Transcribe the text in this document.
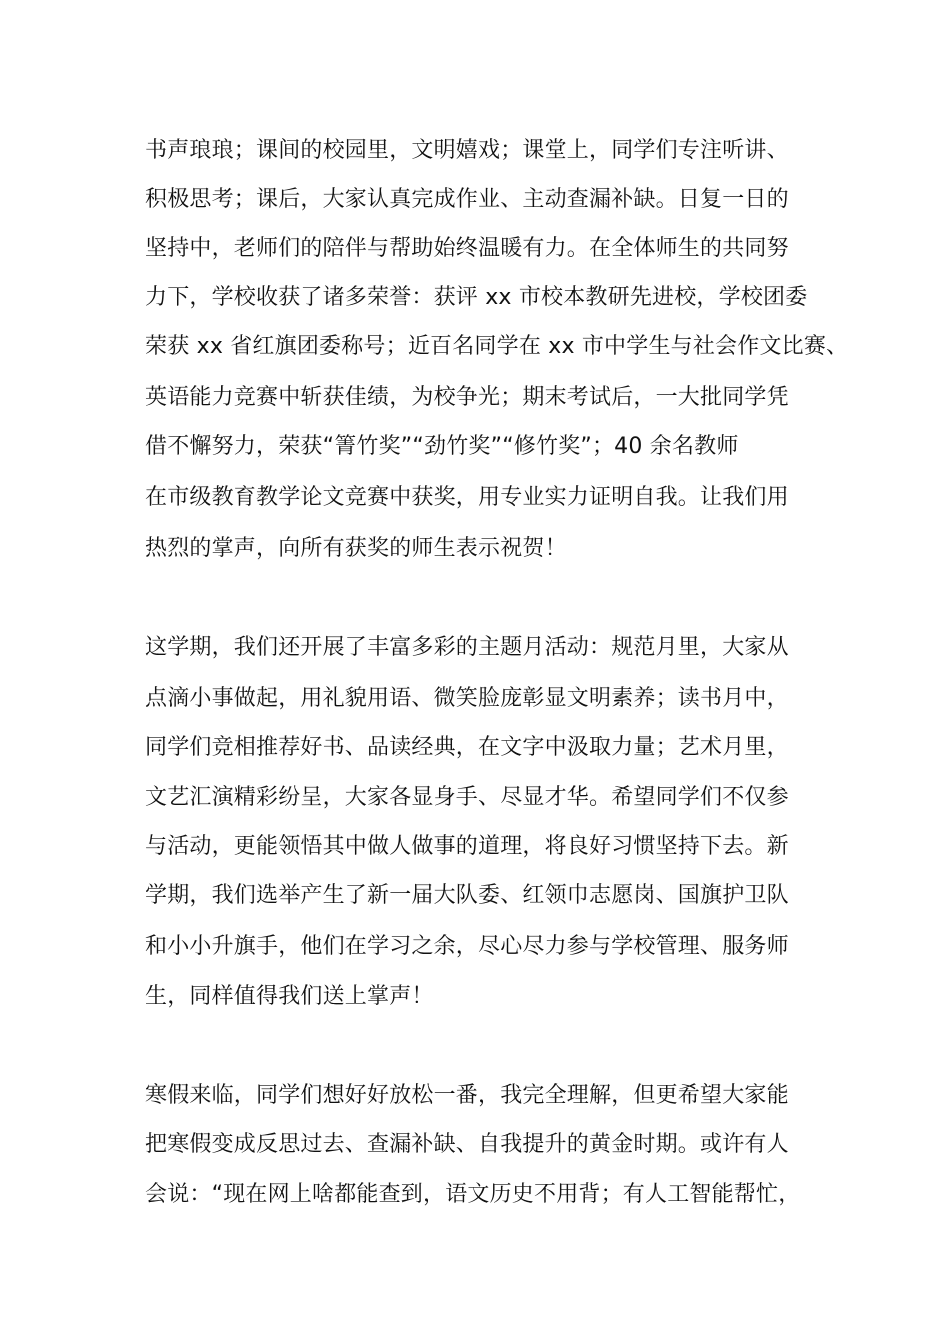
书声琅琅；课间的校园里，文明嬉戏；课堂上，同学们专注听讲、
积极思考；课后，大家认真完成作业、主动查漏补缺。日复一日的
坚持中，老师们的陪伴与帮助始终温暖有力。在全体师生的共同努
力下，学校收获了诸多荣誉：获评 xx 市校本教研先进校，学校团委
荣获 xx 省红旗团委称号；近百名同学在 xx 市中学生与社会作文比赛、
英语能力竞赛中斩获佳绩，为校争光；期末考试后，一大批同学凭
借不懈努力，荣获“箐竹奖”“劲竹奖”“修竹奖”；40 余名教师
在市级教育教学论文竞赛中获奖，用专业实力证明自我。让我们用
热烈的掌声，向所有获奖的师生表示祝贺！
这学期，我们还开展了丰富多彩的主题月活动：规范月里，大家从
点滴小事做起，用礼貌用语、微笑脸庞彰显文明素养；读书月中，
同学们竞相推荐好书、品读经典，在文字中汲取力量；艺术月里，
文艺汇演精彩纷呈，大家各显身手、尽显才华。希望同学们不仅参
与活动，更能领悟其中做人做事的道理，将良好习惯坚持下去。新
学期，我们选举产生了新一届大队委、红领巾志愿岗、国旗护卫队
和小小升旗手，他们在学习之余，尽心尽力参与学校管理、服务师
生，同样值得我们送上掌声！
寒假来临，同学们想好好放松一番，我完全理解，但更希望大家能
把寒假变成反思过去、查漏补缺、自我提升的黄金时期。或许有人
会说：“现在网上啥都能查到，语文历史不用背；有人工智能帮忙，
